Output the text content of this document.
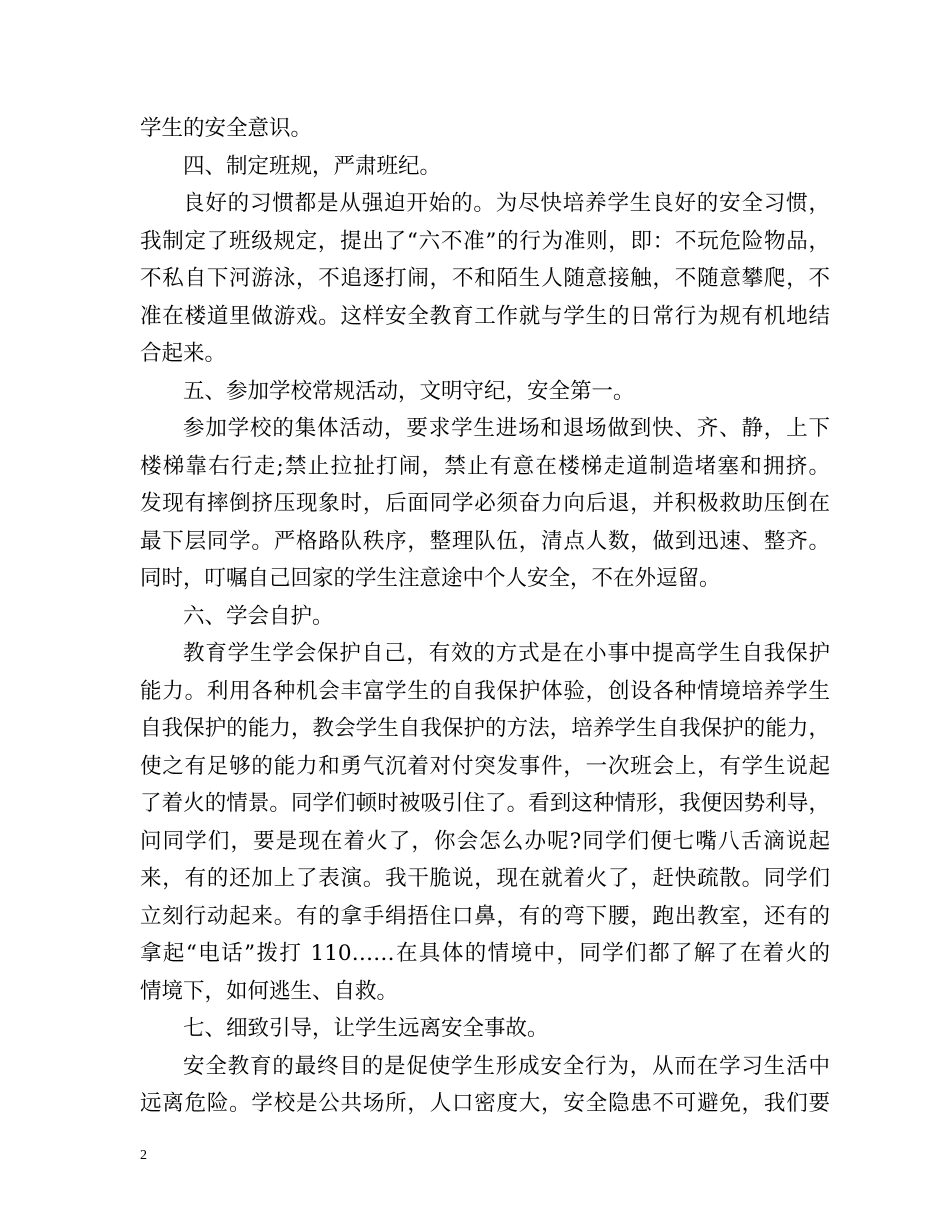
学生的安全意识。
四、制定班规，严肃班纪。
良好的习惯都是从强迫开始的。为尽快培养学生良好的安全习惯，
我制定了班级规定，提出了“六不准”的行为准则，即：不玩危险物品，
不私自下河游泳，不追逐打闹，不和陌生人随意接触，不随意攀爬，不
准在楼道里做游戏。这样安全教育工作就与学生的日常行为规有机地结
合起来。
五、参加学校常规活动，文明守纪，安全第一。
参加学校的集体活动，要求学生进场和退场做到快、齐、静，上下
楼梯靠右行走;禁止拉扯打闹，禁止有意在楼梯走道制造堵塞和拥挤。
发现有摔倒挤压现象时，后面同学必须奋力向后退，并积极救助压倒在
最下层同学。严格路队秩序，整理队伍，清点人数，做到迅速、整齐。
同时，叮嘱自己回家的学生注意途中个人安全，不在外逗留。
六、学会自护。
教育学生学会保护自己，有效的方式是在小事中提高学生自我保护
能力。利用各种机会丰富学生的自我保护体验，创设各种情境培养学生
自我保护的能力，教会学生自我保护的方法，培养学生自我保护的能力，
使之有足够的能力和勇气沉着对付突发事件，一次班会上，有学生说起
了着火的情景。同学们顿时被吸引住了。看到这种情形，我便因势利导，
问同学们，要是现在着火了，你会怎么办呢?同学们便七嘴八舌滴说起
来，有的还加上了表演。我干脆说，现在就着火了，赶快疏散。同学们
立刻行动起来。有的拿手绢捂住口鼻，有的弯下腰，跑出教室，还有的
拿起“电话”拨打 110……在具体的情境中，同学们都了解了在着火的
情境下，如何逃生、自救。
七、细致引导，让学生远离安全事故。
安全教育的最终目的是促使学生形成安全行为，从而在学习生活中
远离危险。学校是公共场所，人口密度大，安全隐患不可避免，我们要
2
